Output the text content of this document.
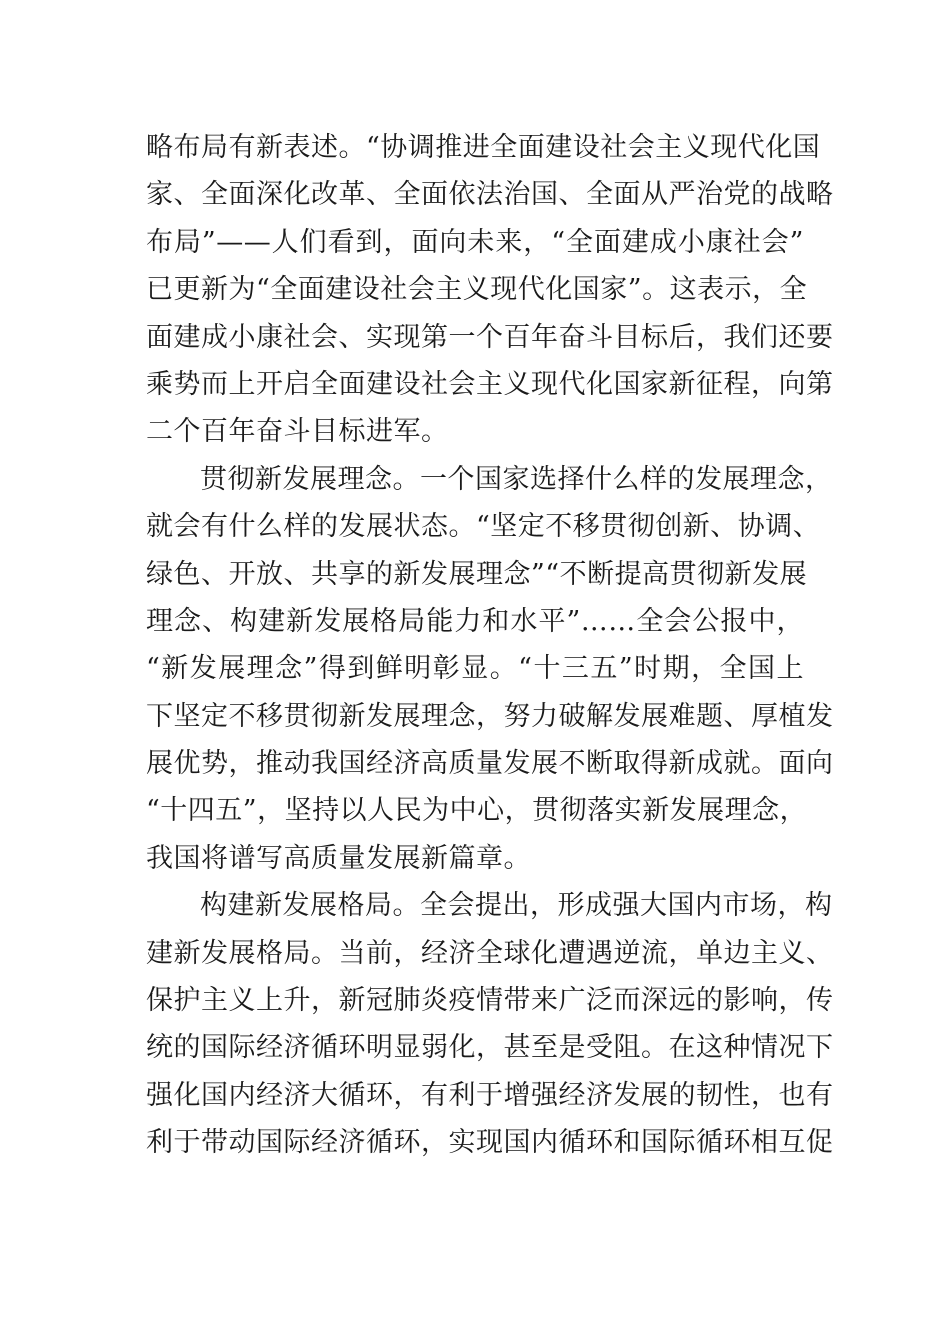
略布局有新表述。“协调推进全面建设社会主义现代化国
家、全面深化改革、全面依法治国、全面从严治党的战略
布局”——人们看到，面向未来，“全面建成小康社会”
已更新为“全面建设社会主义现代化国家”。这表示，全
面建成小康社会、实现第一个百年奋斗目标后，我们还要
乘势而上开启全面建设社会主义现代化国家新征程，向第
二个百年奋斗目标进军。
贯彻新发展理念。一个国家选择什么样的发展理念，
就会有什么样的发展状态。“坚定不移贯彻创新、协调、
绿色、开放、共享的新发展理念”“不断提高贯彻新发展
理念、构建新发展格局能力和水平”……全会公报中，
“新发展理念”得到鲜明彰显。“十三五”时期，全国上
下坚定不移贯彻新发展理念，努力破解发展难题、厚植发
展优势，推动我国经济高质量发展不断取得新成就。面向
“十四五”，坚持以人民为中心，贯彻落实新发展理念，
我国将谱写高质量发展新篇章。
构建新发展格局。全会提出，形成强大国内市场，构
建新发展格局。当前，经济全球化遭遇逆流，单边主义、
保护主义上升，新冠肺炎疫情带来广泛而深远的影响，传
统的国际经济循环明显弱化，甚至是受阻。在这种情况下
强化国内经济大循环，有利于增强经济发展的韧性，也有
利于带动国际经济循环，实现国内循环和国际循环相互促
